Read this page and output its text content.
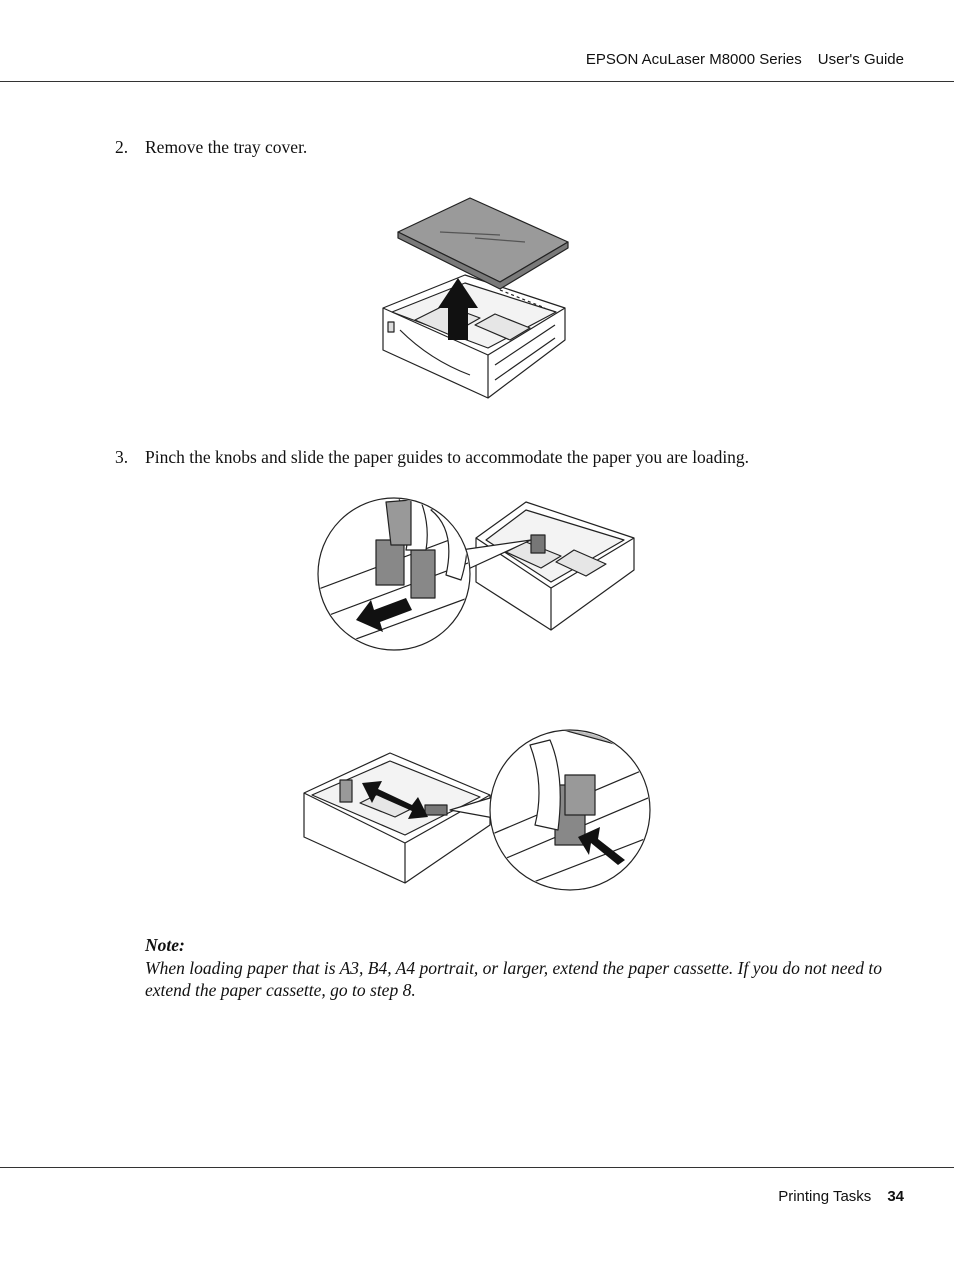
EPSON AcuLaser M8000 Series User's Guide
2. Remove the tray cover.
3. Pinch the knobs and slide the paper guides to accommodate the paper you are loading.
Note:
When loading paper that is A3, B4, A4 portrait, or larger, extend the paper cassette. If you do not need to extend the paper cassette, go to step 8.
Printing Tasks 34
